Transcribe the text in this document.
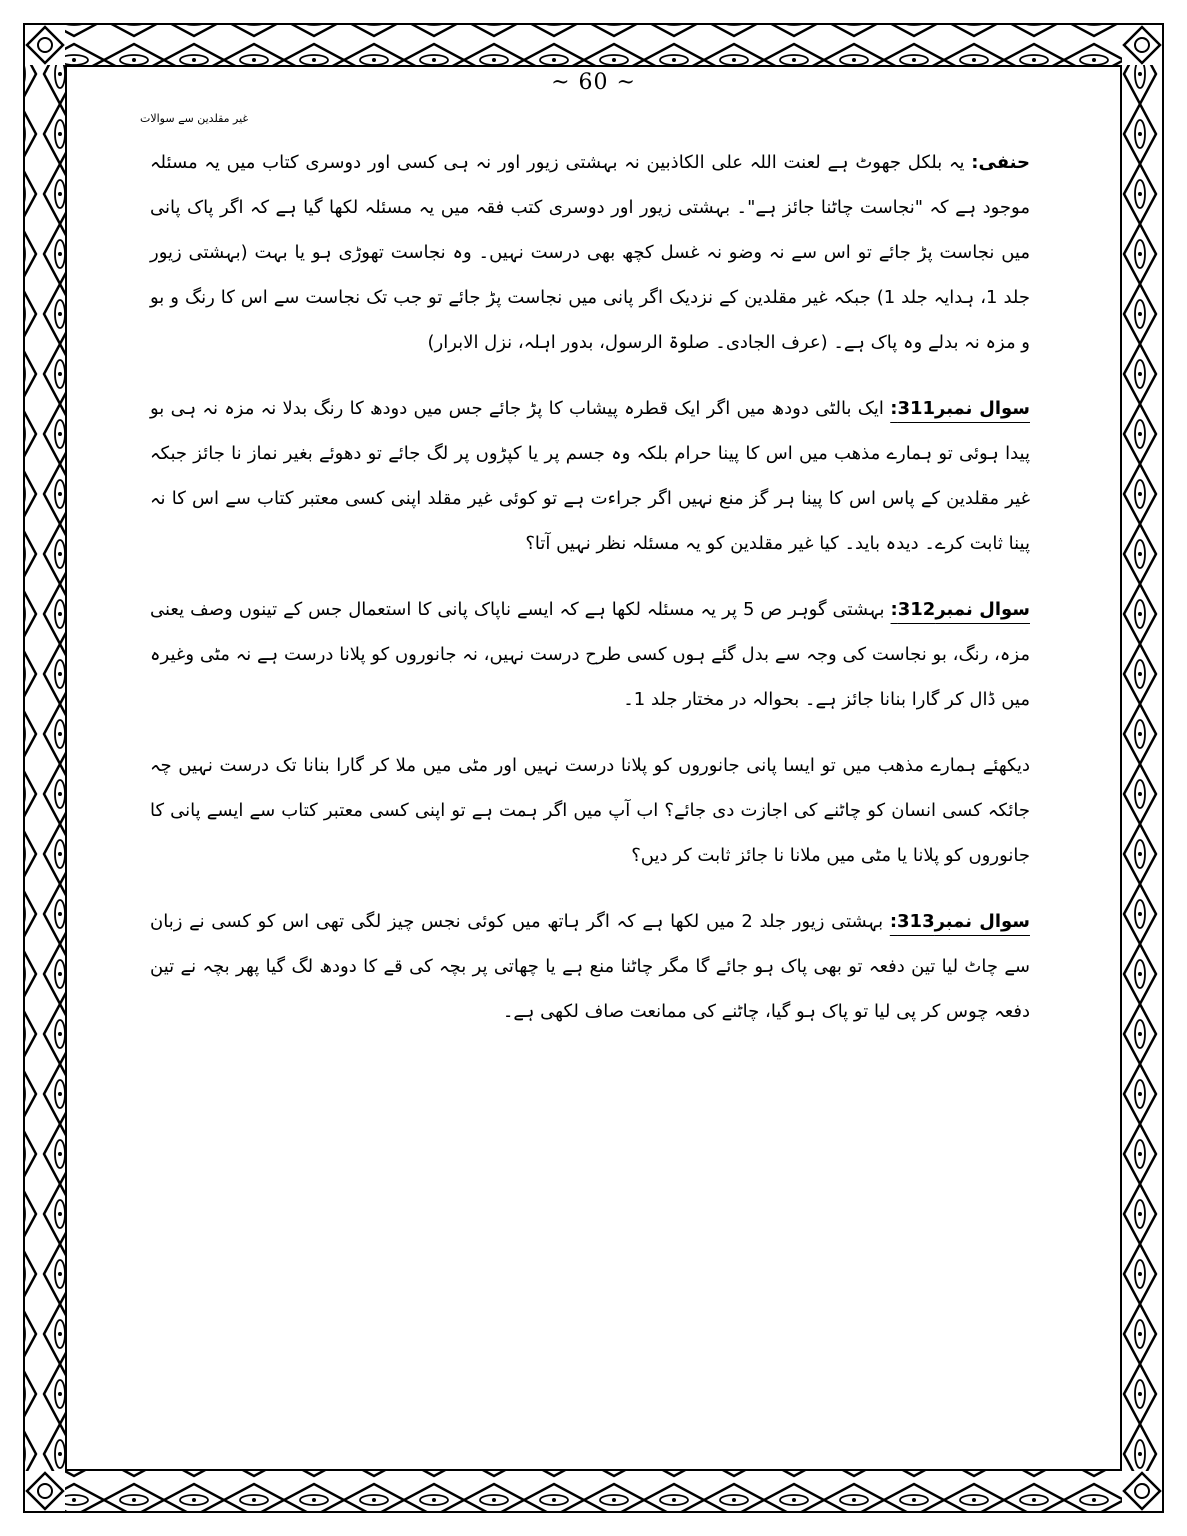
~ 60 ~
غیر مقلدین سے سوالات

حنفی: یہ بلکل جھوٹ ہے لعنت اللہ علی الکاذبین نہ بہشتی زیور اور نہ ہی کسی اور دوسری کتاب میں یہ مسئلہ موجود ہے کہ "نجاست چاٹنا جائز ہے"۔ بہشتی زیور اور دوسری کتب فقہ میں یہ مسئلہ لکھا گیا ہے کہ اگر پاک پانی میں نجاست پڑ جائے تو اس سے نہ وضو نہ غسل کچھ بھی درست نہیں۔ وہ نجاست تھوڑی ہو یا بہت (بہشتی زیور جلد 1، ہدایہ جلد 1) جبکہ غیر مقلدین کے نزدیک اگر پانی میں نجاست پڑ جائے تو جب تک نجاست سے اس کا رنگ و بو و مزہ نہ بدلے وہ پاک ہے۔ (عرف الجادی۔ صلوۃ الرسول، بدور اہلہ، نزل الابرار)

سوال نمبر311: ایک بالٹی دودھ میں اگر ایک قطرہ پیشاب کا پڑ جائے جس میں دودھ کا رنگ بدلا نہ مزہ نہ ہی بو پیدا ہوئی تو ہمارے مذھب میں اس کا پینا حرام بلکہ وہ جسم پر یا کپڑوں پر لگ جائے تو دھوئے بغیر نماز نا جائز جبکہ غیر مقلدین کے پاس اس کا پینا ہر گز منع نہیں اگر جراءت ہے تو کوئی غیر مقلد اپنی کسی معتبر کتاب سے اس کا نہ پینا ثابت کرے۔ دیدہ باید۔ کیا غیر مقلدین کو یہ مسئلہ نظر نہیں آتا؟

سوال نمبر312: بہشتی گوہر ص 5 پر یہ مسئلہ لکھا ہے کہ ایسے ناپاک پانی کا استعمال جس کے تینوں وصف یعنی مزہ، رنگ، بو نجاست کی وجہ سے بدل گئے ہوں کسی طرح درست نہیں، نہ جانوروں کو پلانا درست ہے نہ مٹی وغیرہ میں ڈال کر گارا بنانا جائز ہے۔ بحوالہ در مختار جلد 1۔

دیکھئے ہمارے مذھب میں تو ایسا پانی جانوروں کو پلانا درست نہیں اور مٹی میں ملا کر گارا بنانا تک درست نہیں چہ جائکہ کسی انسان کو چاٹنے کی اجازت دی جائے؟ اب آپ میں اگر ہمت ہے تو اپنی کسی معتبر کتاب سے ایسے پانی کا جانوروں کو پلانا یا مٹی میں ملانا نا جائز ثابت کر دیں؟

سوال نمبر313: بہشتی زیور جلد 2 میں لکھا ہے کہ اگر ہاتھ میں کوئی نجس چیز لگی تھی اس کو کسی نے زبان سے چاٹ لیا تین دفعہ تو بھی پاک ہو جائے گا مگر چاٹنا منع ہے یا چھاتی پر بچہ کی قے کا دودھ لگ گیا پھر بچہ نے تین دفعہ چوس کر پی لیا تو پاک ہو گیا، چاٹنے کی ممانعت صاف لکھی ہے۔
